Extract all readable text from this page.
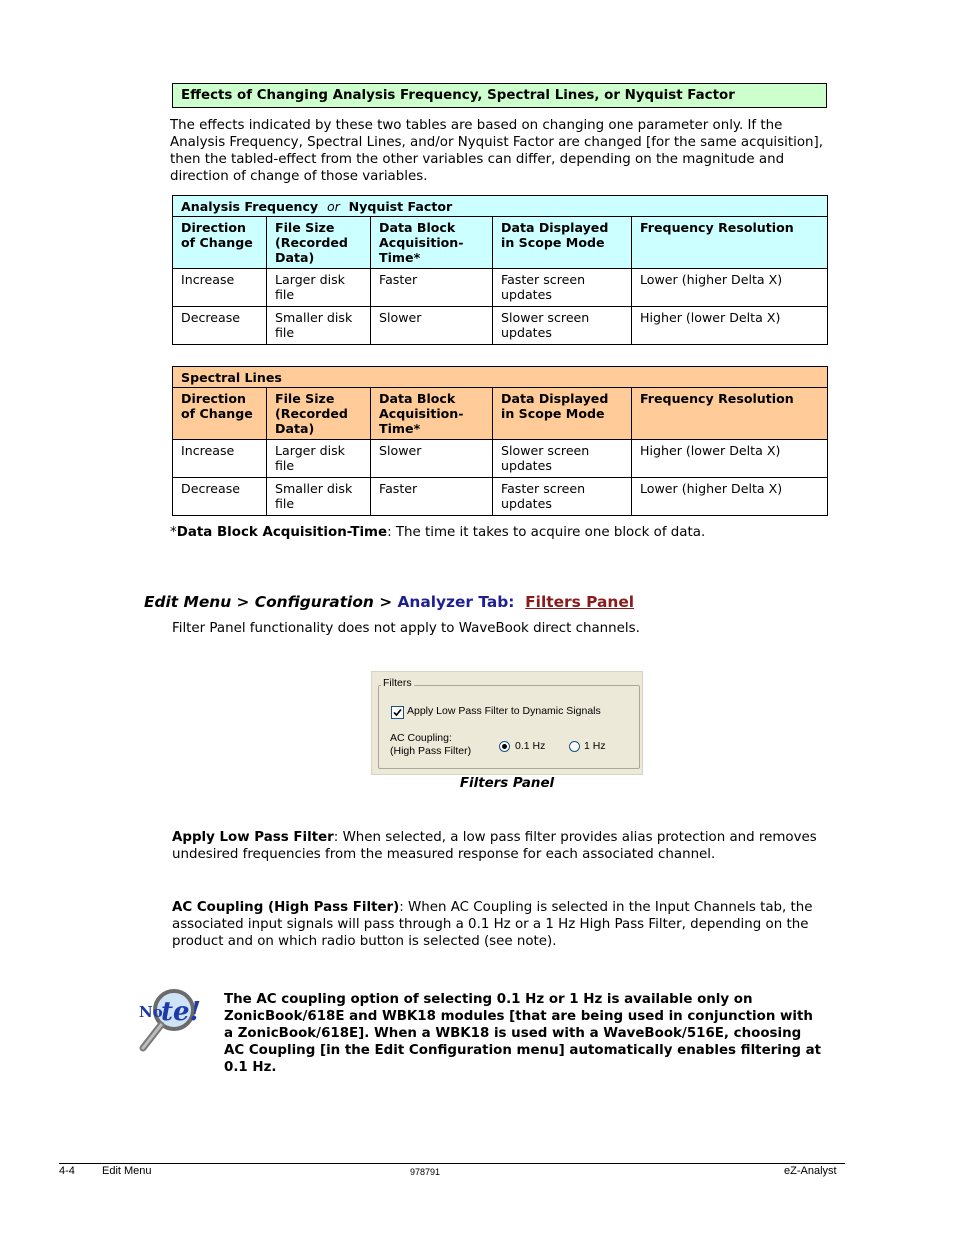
Effects of Changing Analysis Frequency, Spectral Lines, or Nyquist Factor
The effects indicated by these two tables are based on changing one parameter only. If the Analysis Frequency, Spectral Lines, and/or Nyquist Factor are changed [for the same acquisition], then the tabled-effect from the other variables can differ, depending on the magnitude and direction of change of those variables.
Analysis Frequency or Nyquist Factor				
Direction of Change	File Size (Recorded Data)	Data Block Acquisition-Time*	Data Displayed in Scope Mode	Frequency Resolution
Increase	Larger disk file	Faster	Faster screen updates	Lower (higher Delta X)
Decrease	Smaller disk file	Slower	Slower screen updates	Higher (lower Delta X)
Spectral Lines				
Direction of Change	File Size (Recorded Data)	Data Block Acquisition-Time*	Data Displayed in Scope Mode	Frequency Resolution
Increase	Larger disk file	Slower	Slower screen updates	Higher (lower Delta X)
Decrease	Smaller disk file	Faster	Faster screen updates	Lower (higher Delta X)
*Data Block Acquisition-Time: The time it takes to acquire one block of data.
Edit Menu > Configuration > Analyzer Tab: Filters Panel
Filter Panel functionality does not apply to WaveBook direct channels.
Filters
Apply Low Pass Filter to Dynamic Signals
AC Coupling:
(High Pass Filter)	0.1 Hz	1 Hz
Filters Panel
Apply Low Pass Filter: When selected, a low pass filter provides alias protection and removes undesired frequencies from the measured response for each associated channel.
AC Coupling (High Pass Filter): When AC Coupling is selected in the Input Channels tab, the associated input signals will pass through a 0.1 Hz or a 1 Hz High Pass Filter, depending on the product and on which radio button is selected (see note).
No
te! The AC coupling option of selecting 0.1 Hz or 1 Hz is available only on ZonicBook/618E and WBK18 modules [that are being used in conjunction with a ZonicBook/618E]. When a WBK18 is used with a WaveBook/516E, choosing AC Coupling [in the Edit Configuration menu] automatically enables filtering at 0.1 Hz.
4-4 Edit Menu	978791	eZ-Analyst
